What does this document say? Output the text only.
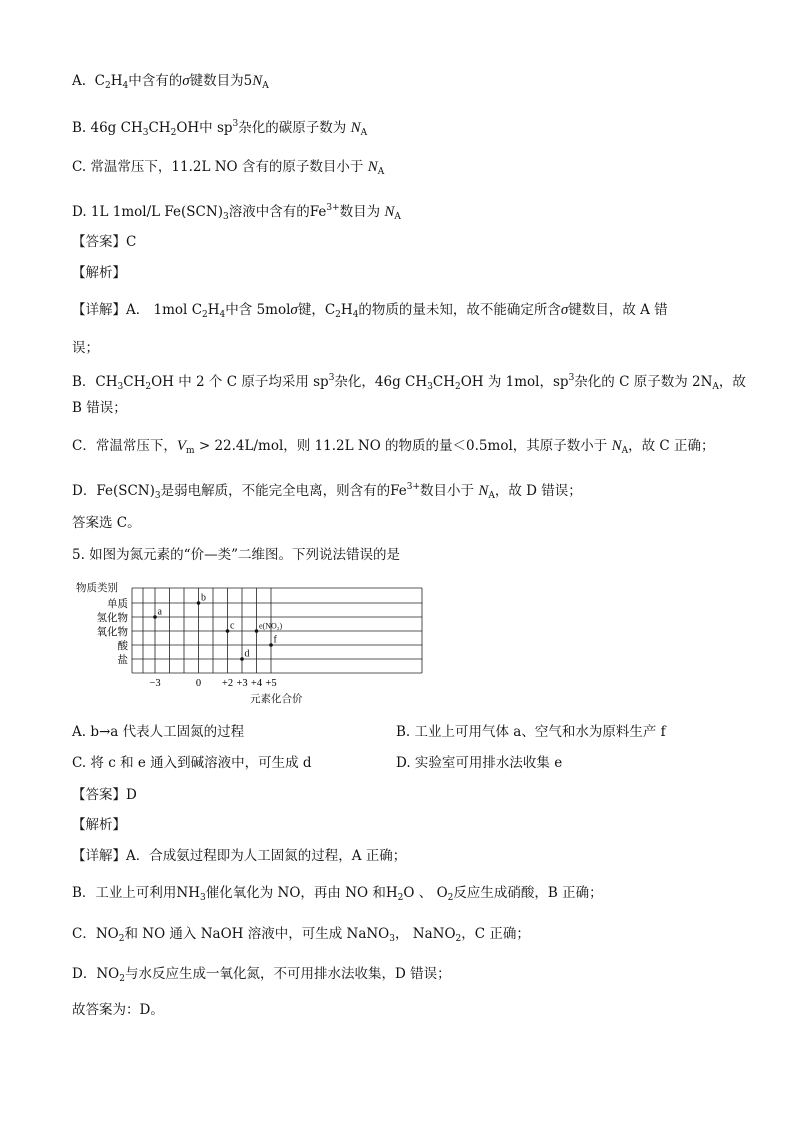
A. $C_2H_4$中含有的σ键数目为$5N_A$
B. 46g $CH_3CH_2OH$中 $sp^3$杂化的碳原子数为 $N_A$
C. 常温常压下，11.2L NO 含有的原子数目小于 $N_A$
D. 1L 1mol/L $Fe(SCN)_3$溶液中含有的$Fe^{3+}$数目为 $N_A$
【答案】C
【解析】
【详解】A． 1mol $C_2H_4$中含 5molσ键，$C_2H_4$的物质的量未知，故不能确定所含σ键数目，故 A 错
误；
B．$CH_3CH_2OH$ 中 2 个 C 原子均采用 $sp^3$杂化，46g $CH_3CH_2OH$ 为 1mol，$sp^3$杂化的 C 原子数为 $2N_A$，故
B 错误；
C．常温常压下，$V_m > 22.4L/mol$，则 11.2L NO 的物质的量＜0.5mol，其原子数小于 $N_A$，故 C 正确；
D．$Fe(SCN)_3$是弱电解质，不能完全电离，则含有的$Fe^{3+}$数目小于 $N_A$，故 D 错误；
答案选 C。
5. 如图为氮元素的“价—类”二维图。下列说法错误的是
单质
氢化物
氧化物
酸
盐
−3	0 +2 +3 +4 +5
a
b
c
d
e(NO₂)
f
物质类别
元素化合价
A. b→a 代表人工固氮的过程	B. 工业上可用气体 a、空气和水为原料生产 f
C. 将 c 和 e 通入到碱溶液中，可生成 d	D. 实验室可用排水法收集 e
【答案】D
【解析】
【详解】A．合成氨过程即为人工固氮的过程，A 正确；
B．工业上可利用$NH_3$催化氧化为 NO，再由 NO 和$H_2O$ 、 $O_2$反应生成硝酸，B 正确；
C．$NO_2$和 NO 通入 NaOH 溶液中，可生成 NaNO$_3$， NaNO$_2$，C 正确；
D．$NO_2$与水反应生成一氧化氮，不可用排水法收集，D 错误；
故答案为：D。
